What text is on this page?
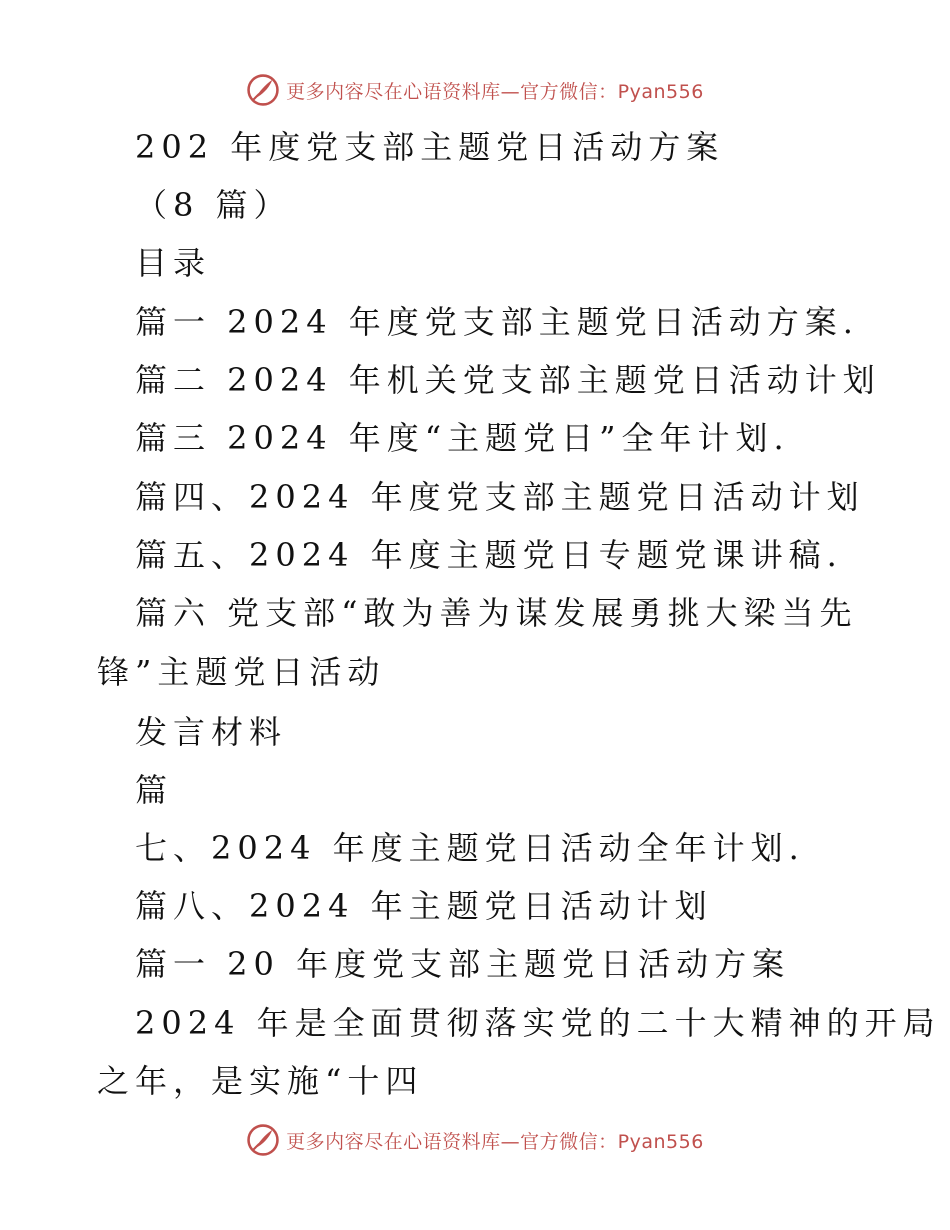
更多内容尽在心语资料库—官方微信：Pyan556
202 年度党支部主题党日活动方案
（8 篇）
目录
篇一 2024 年度党支部主题党日活动方案.
篇二 2024 年机关党支部主题党日活动计划
篇三 2024 年度“主题党日”全年计划.
篇四、2024 年度党支部主题党日活动计划
篇五、2024 年度主题党日专题党课讲稿.
篇六 党支部“敢为善为谋发展勇挑大梁当先
锋”主题党日活动
发言材料
篇
七、2024 年度主题党日活动全年计划.
篇八、2024 年主题党日活动计划
篇一 20 年度党支部主题党日活动方案
2024 年是全面贯彻落实党的二十大精神的开局
之年，是实施“十四
更多内容尽在心语资料库—官方微信：Pyan556
